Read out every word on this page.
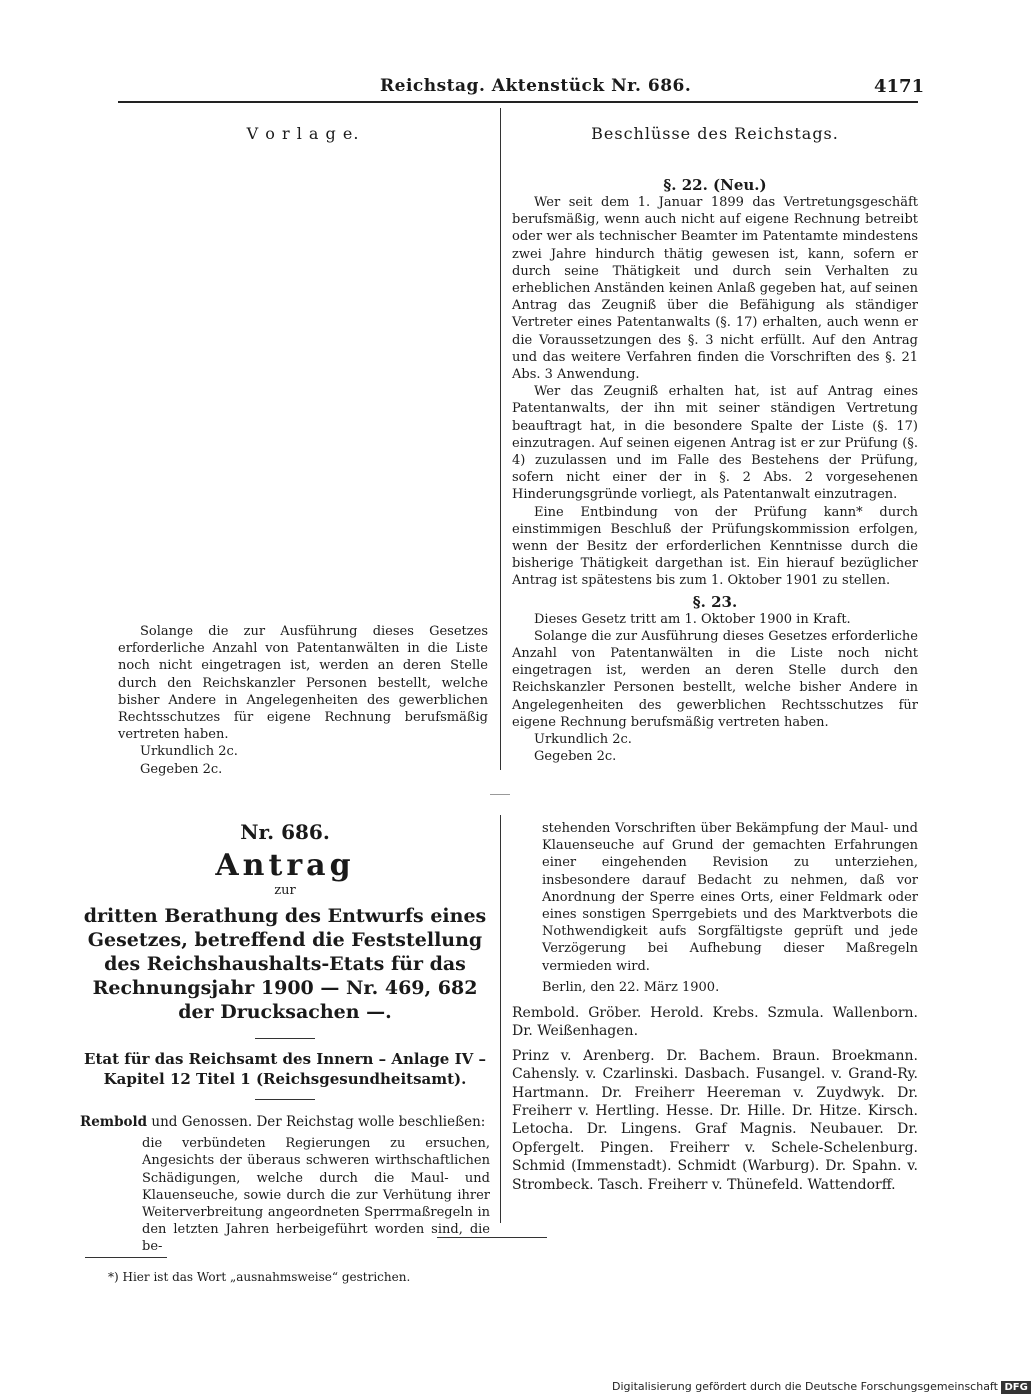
Reichstag. Aktenstück Nr. 686.	4171
V o r l a g e.

Solange die zur Ausführung dieses Gesetzes erforderliche Anzahl von Patentanwälten in die Liste noch nicht eingetragen ist, werden an deren Stelle durch den Reichskanzler Personen bestellt, welche bisher Andere in Angelegenheiten des gewerblichen Rechtsschutzes für eigene Rechnung berufsmäßig vertreten haben.

Urkundlich 2c.

Gegeben 2c.

Beschlüsse des Reichstags.

§. 22. (Neu.)

Wer seit dem 1. Januar 1899 das Vertretungsgeschäft berufsmäßig, wenn auch nicht auf eigene Rechnung betreibt oder wer als technischer Beamter im Patentamte mindestens zwei Jahre hindurch thätig gewesen ist, kann, sofern er durch seine Thätigkeit und durch sein Verhalten zu erheblichen Anständen keinen Anlaß gegeben hat, auf seinen Antrag das Zeugniß über die Befähigung als ständiger Vertreter eines Patentanwalts (§. 17) erhalten, auch wenn er die Voraussetzungen des §. 3 nicht erfüllt. Auf den Antrag und das weitere Verfahren finden die Vorschriften des §. 21 Abs. 3 Anwendung.

Wer das Zeugniß erhalten hat, ist auf Antrag eines Patentanwalts, der ihn mit seiner ständigen Vertretung beauftragt hat, in die besondere Spalte der Liste (§. 17) einzutragen. Auf seinen eigenen Antrag ist er zur Prüfung (§. 4) zuzulassen und im Falle des Bestehens der Prüfung, sofern nicht einer der in §. 2 Abs. 2 vorgesehenen Hinderungsgründe vorliegt, als Patentanwalt einzutragen.

Eine Entbindung von der Prüfung kann* durch einstimmigen Beschluß der Prüfungskommission erfolgen, wenn der Besitz der erforderlichen Kenntnisse durch die bisherige Thätigkeit dargethan ist. Ein hierauf bezüglicher Antrag ist spätestens bis zum 1. Oktober 1901 zu stellen.

§. 23.

Dieses Gesetz tritt am 1. Oktober 1900 in Kraft.

Solange die zur Ausführung dieses Gesetzes erforderliche Anzahl von Patentanwälten in die Liste noch nicht eingetragen ist, werden an deren Stelle durch den Reichskanzler Personen bestellt, welche bisher Andere in Angelegenheiten des gewerblichen Rechtsschutzes für eigene Rechnung berufsmäßig vertreten haben.

Urkundlich 2c.

Gegeben 2c.

Nr. 686.
Antrag
zur
dritten Berathung des Entwurfs eines Gesetzes, betreffend die Feststellung des Reichshaushalts-Etats für das Rechnungsjahr 1900 — Nr. 469, 682 der Drucksachen —.
Etat für das Reichsamt des Innern – Anlage IV – Kapitel 12 Titel 1 (Reichsgesundheitsamt).

Rembold und Genossen. Der Reichstag wolle beschließen:

die verbündeten Regierungen zu ersuchen, Angesichts der überaus schweren wirthschaftlichen Schädigungen, welche durch die Maul- und Klauenseuche, sowie durch die zur Verhütung ihrer Weiterverbreitung angeordneten Sperrmaßregeln in den letzten Jahren herbeigeführt worden sind, die be-

stehenden Vorschriften über Bekämpfung der Maul- und Klauenseuche auf Grund der gemachten Erfahrungen einer eingehenden Revision zu unterziehen, insbesondere darauf Bedacht zu nehmen, daß vor Anordnung der Sperre eines Orts, einer Feldmark oder eines sonstigen Sperrgebiets und des Marktverbots die Nothwendigkeit aufs Sorgfältigste geprüft und jede Verzögerung bei Aufhebung dieser Maßregeln vermieden wird.

Berlin, den 22. März 1900.

Rembold. Gröber. Herold. Krebs. Szmula. Wallenborn. Dr. Weißenhagen.

Prinz v. Arenberg. Dr. Bachem. Braun. Broekmann. Cahensly. v. Czarlinski. Dasbach. Fusangel. v. Grand-Ry. Hartmann. Dr. Freiherr Heereman v. Zuydwyk. Dr. Freiherr v. Hertling. Hesse. Dr. Hille. Dr. Hitze. Kirsch. Letocha. Dr. Lingens. Graf Magnis. Neubauer. Dr. Opfergelt. Pingen. Freiherr v. Schele-Schelenburg. Schmid (Immenstadt). Schmidt (Warburg). Dr. Spahn. v. Strombeck. Tasch. Freiherr v. Thünefeld. Wattendorff.

*) Hier ist das Wort „ausnahmsweise“ gestrichen.
Digitalisierung gefördert durch die Deutsche Forschungsgemeinschaft DFG
